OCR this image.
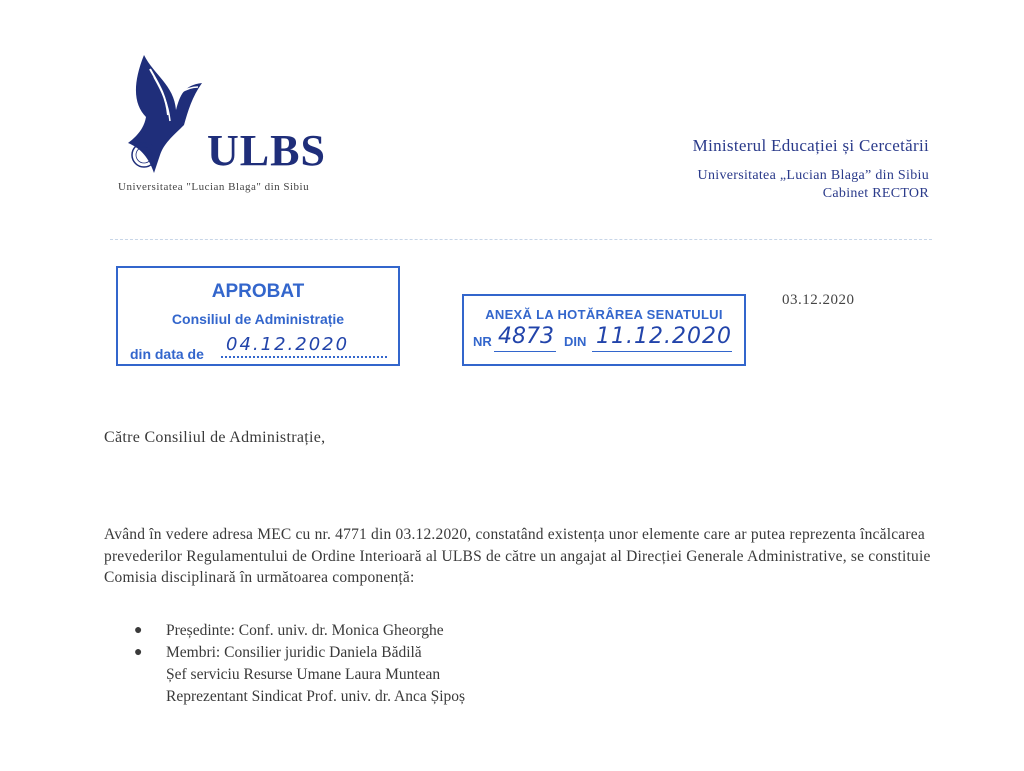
ULBS
Universitatea "Lucian Blaga" din Sibiu
Ministerul Educației și Cercetării
Universitatea „Lucian Blaga” din Sibiu
Cabinet RECTOR
APROBAT
Consiliul de Administrație
din data de 04.12.2020
ANEXĂ LA HOTĂRÂREA SENATULUI
NR 4873 DIN 11.12.2020
03.12.2020
Către Consiliul de Administrație,

Având în vedere adresa MEC cu nr. 4771 din 03.12.2020, constatând existența unor elemente care ar putea reprezenta încălcarea prevederilor Regulamentului de Ordine Interioară al ULBS de către un angajat al Direcției Generale Administrative, se constituie Comisia disciplinară în următoarea componență:

● Președinte: Conf. univ. dr. Monica Gheorghe
● Membri: Consilier juridic Daniela Bădilă
Șef serviciu Resurse Umane Laura Muntean
Reprezentant Sindicat Prof. univ. dr. Anca Șipoș
